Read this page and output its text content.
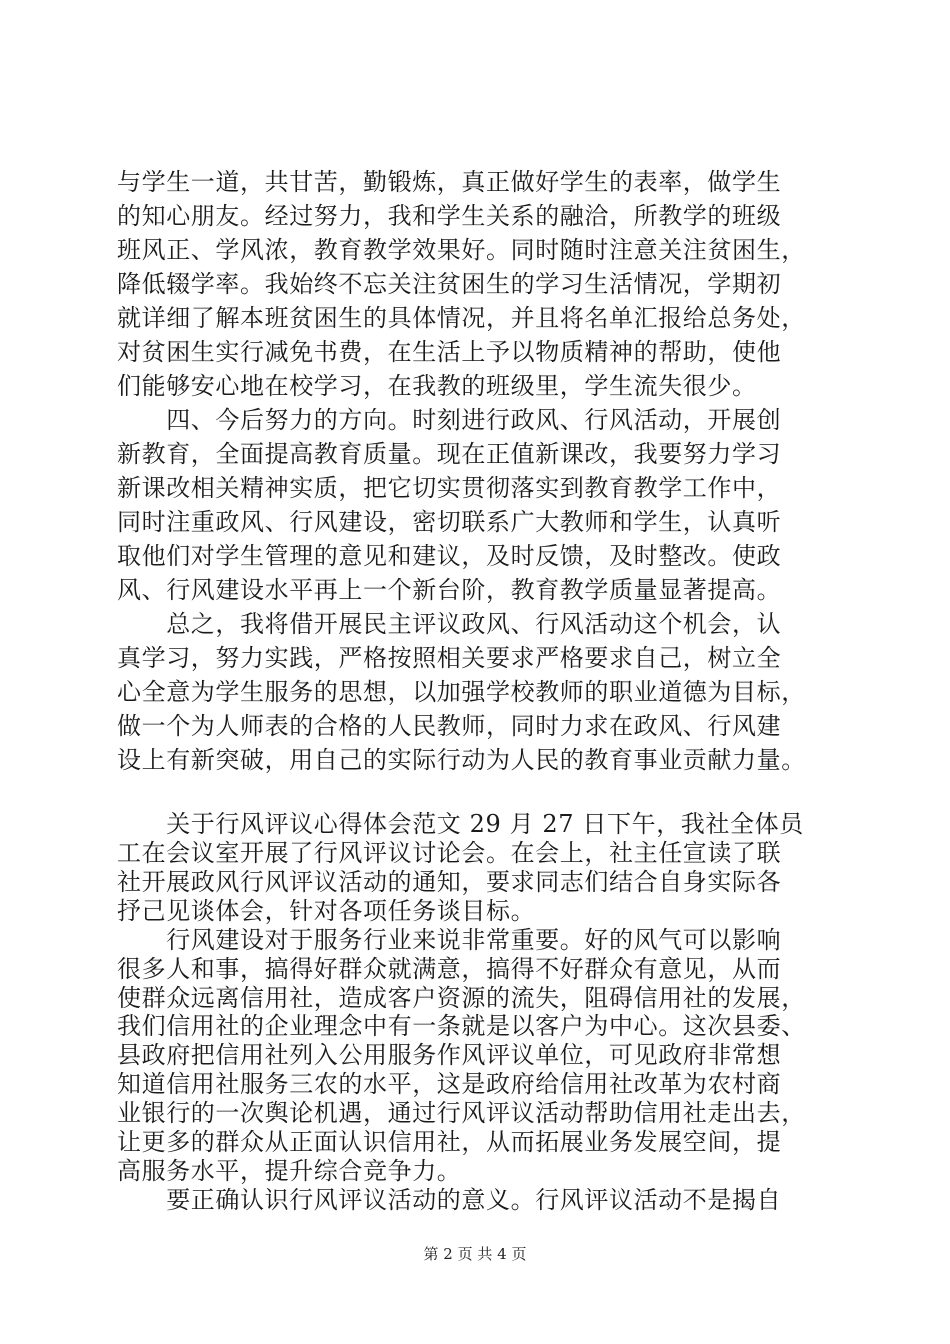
与学生一道，共甘苦，勤锻炼，真正做好学生的表率，做学生
的知心朋友。经过努力，我和学生关系的融洽，所教学的班级
班风正、学风浓，教育教学效果好。同时随时注意关注贫困生，
降低辍学率。我始终不忘关注贫困生的学习生活情况，学期初
就详细了解本班贫困生的具体情况，并且将名单汇报给总务处，
对贫困生实行减免书费，在生活上予以物质精神的帮助，使他
们能够安心地在校学习，在我教的班级里，学生流失很少。
　　四、今后努力的方向。时刻进行政风、行风活动，开展创
新教育，全面提高教育质量。现在正值新课改，我要努力学习
新课改相关精神实质，把它切实贯彻落实到教育教学工作中，
同时注重政风、行风建设，密切联系广大教师和学生，认真听
取他们对学生管理的意见和建议，及时反馈，及时整改。使政
风、行风建设水平再上一个新台阶，教育教学质量显著提高。
　　总之，我将借开展民主评议政风、行风活动这个机会，认
真学习，努力实践，严格按照相关要求严格要求自己，树立全
心全意为学生服务的思想，以加强学校教师的职业道德为目标，
做一个为人师表的合格的人民教师，同时力求在政风、行风建
设上有新突破，用自己的实际行动为人民的教育事业贡献力量。
　　关于行风评议心得体会范文 29 月 27 日下午，我社全体员
工在会议室开展了行风评议讨论会。在会上，社主任宣读了联
社开展政风行风评议活动的通知，要求同志们结合自身实际各
抒己见谈体会，针对各项任务谈目标。
　　行风建设对于服务行业来说非常重要。好的风气可以影响
很多人和事，搞得好群众就满意，搞得不好群众有意见，从而
使群众远离信用社，造成客户资源的流失，阻碍信用社的发展，
我们信用社的企业理念中有一条就是以客户为中心。这次县委、
县政府把信用社列入公用服务作风评议单位，可见政府非常想
知道信用社服务三农的水平，这是政府给信用社改革为农村商
业银行的一次舆论机遇，通过行风评议活动帮助信用社走出去，
让更多的群众从正面认识信用社，从而拓展业务发展空间，提
高服务水平，提升综合竞争力。
第 2 页 共 4 页
　　要正确认识行风评议活动的意义。行风评议活动不是揭自
